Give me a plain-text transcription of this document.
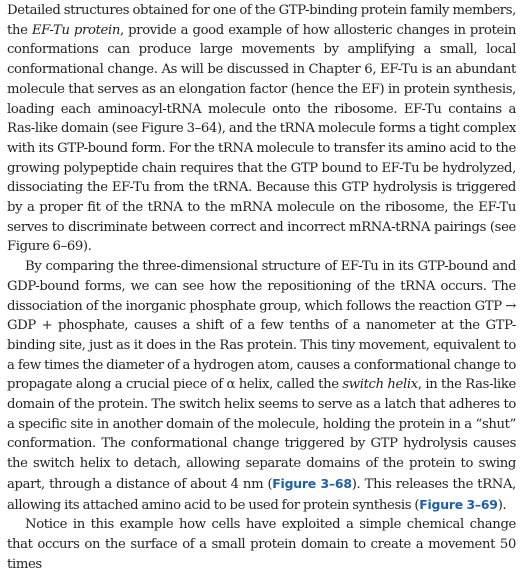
Detailed structures obtained for one of the GTP-binding protein family members, the EF-Tu protein, provide a good example of how allosteric changes in protein conformations can produce large movements by amplifying a small, local conformational change. As will be discussed in Chapter 6, EF-Tu is an abundant molecule that serves as an elongation factor (hence the EF) in protein synthesis, loading each aminoacyl-tRNA molecule onto the ribosome. EF-Tu contains a Ras-like domain (see Figure 3–64), and the tRNA molecule forms a tight complex with its GTP-bound form. For the tRNA molecule to transfer its amino acid to the growing polypeptide chain requires that the GTP bound to EF-Tu be hydrolyzed, dissociating the EF-Tu from the tRNA. Because this GTP hydrolysis is triggered by a proper fit of the tRNA to the mRNA molecule on the ribosome, the EF-Tu serves to discriminate between correct and incorrect mRNA-tRNA pairings (see Figure 6–69).

By comparing the three-dimensional structure of EF-Tu in its GTP-bound and GDP-bound forms, we can see how the repositioning of the tRNA occurs. The dissociation of the inorganic phosphate group, which follows the reaction GTP → GDP + phosphate, causes a shift of a few tenths of a nanometer at the GTP-binding site, just as it does in the Ras protein. This tiny movement, equivalent to a few times the diameter of a hydrogen atom, causes a conformational change to propagate along a crucial piece of α helix, called the switch helix, in the Ras-like domain of the protein. The switch helix seems to serve as a latch that adheres to a specific site in another domain of the molecule, holding the protein in a “shut” conformation. The conformational change triggered by GTP hydrolysis causes the switch helix to detach, allowing separate domains of the protein to swing apart, through a distance of about 4 nm (Figure 3–68). This releases the tRNA, allowing its attached amino acid to be used for protein synthesis (Figure 3–69).

Notice in this example how cells have exploited a simple chemical change that occurs on the surface of a small protein domain to create a movement 50 times
